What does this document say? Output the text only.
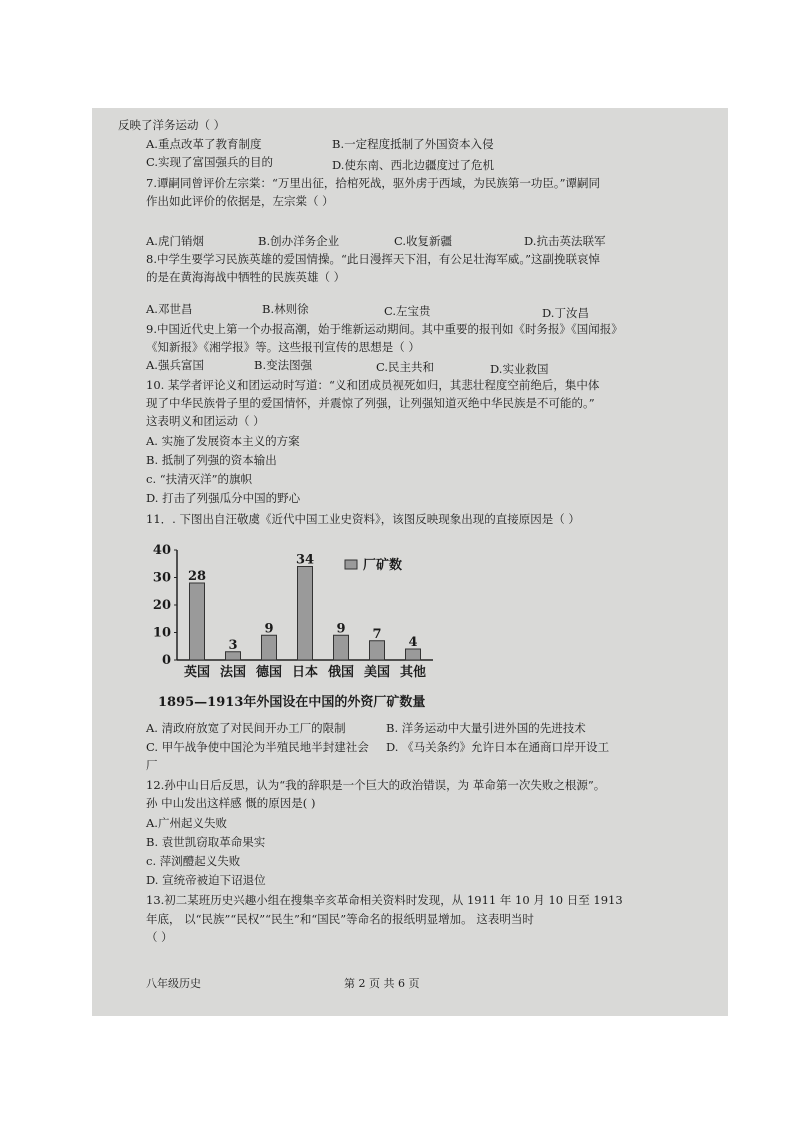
反映了洋务运动（ ）
A.重点改革了教育制度	B.一定程度抵制了外国资本入侵
C.实现了富国强兵的目的	D.使东南、西北边疆度过了危机
7.谭嗣同曾评价左宗棠：“万里出征，拾棺死战，驱外虏于西域，为民族第一功臣。”谭嗣同
作出如此评价的依据是，左宗棠（ ）
A.虎门销烟	B.创办洋务企业	C.收复新疆	D.抗击英法联军
8.中学生要学习民族英雄的爱国情操。“此日漫挥天下泪，有公足壮海军威。”这副挽联哀悼
的是在黄海海战中牺牲的民族英雄（ ）
A.邓世昌	B.林则徐	C.左宝贵	D.丁汝昌
9.中国近代史上第一个办报高潮，始于维新运动期间。其中重要的报刊如《时务报》《国闻报》
《知新报》《湘学报》等。这些报刊宣传的思想是（ ）
A.强兵富国	B.变法图强	C.民主共和	D.实业救国
10. 某学者评论义和团运动时写道：“义和团成员视死如归，其悲壮程度空前绝后，集中体
现了中华民族骨子里的爱国情怀，并震惊了列强，让列强知道灭绝中华民族是不可能的。”
这表明义和团运动（ ）
A. 实施了发展资本主义的方案
B. 抵制了列强的资本输出
c. “扶清灭洋”的旗帜
D. 打击了列强瓜分中国的野心
11．. 下图出自汪敬虞《近代中国工业史资料》，该图反映现象出现的直接原因是（ ）
0
10
20
30
40
28
英国
3
法国
9
德国
34
日本
9
俄国
7
美国
4
其他
厂矿数
1895—1913年外国设在中国的外资厂矿数量
A. 清政府放宽了对民间开办工厂的限制	B. 洋务运动中大量引进外国的先进技术
C. 甲午战争使中国沦为半殖民地半封建社会 D. 《马关条约》允许日本在通商口岸开设工
厂
12.孙中山日后反思，认为“我的辞职是一个巨大的政治错误，为 革命第一次失败之根源”。
孙 中山发出这样感 慨的原因是( )
A.广州起义失败
B. 袁世凯窃取革命果实
c. 萍浏醴起义失败
D. 宣统帝被迫下诏退位
13.初二某班历史兴趣小组在搜集辛亥革命相关资料时发现，从 1911 年 10 月 10 日至 1913
年底， 以“民族”“民权”“民生”和“国民”等命名的报纸明显增加。 这表明当时
（ ）
八年级历史	第 2 页 共 6 页
